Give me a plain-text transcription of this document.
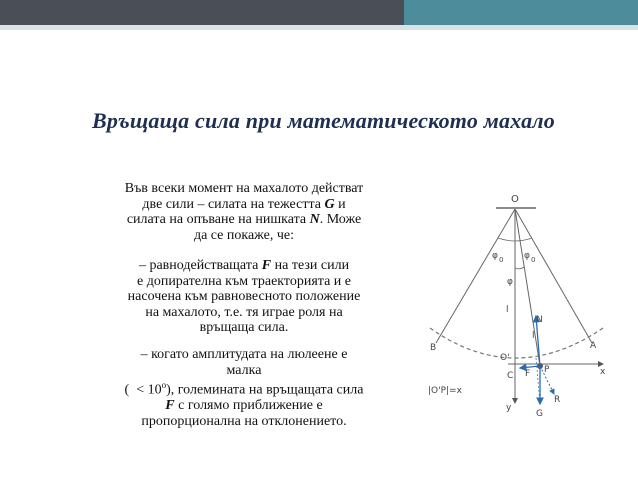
Връщаща сила при математическото махало
Във всеки момент на махалото действат
две сили – силата на тежестта G и
силата на опъване на нишката N. Може
да се покаже, че:
– равнодействащата F на тези сили
е допирателна към траекторията и е
насочена към равновесното положение
на махалото, т.е. тя играе роля на
връщаща сила.
– когато амплитудата на люлеене е
малка
( < $10^o$), големината на връщащата сила
F с голямо приближение е
пропорционална на отклонението.
O
φ 0 φ 0
φ
l
l
N
B	A
O'
C F P	x
y
G
R
|O'P|=x
